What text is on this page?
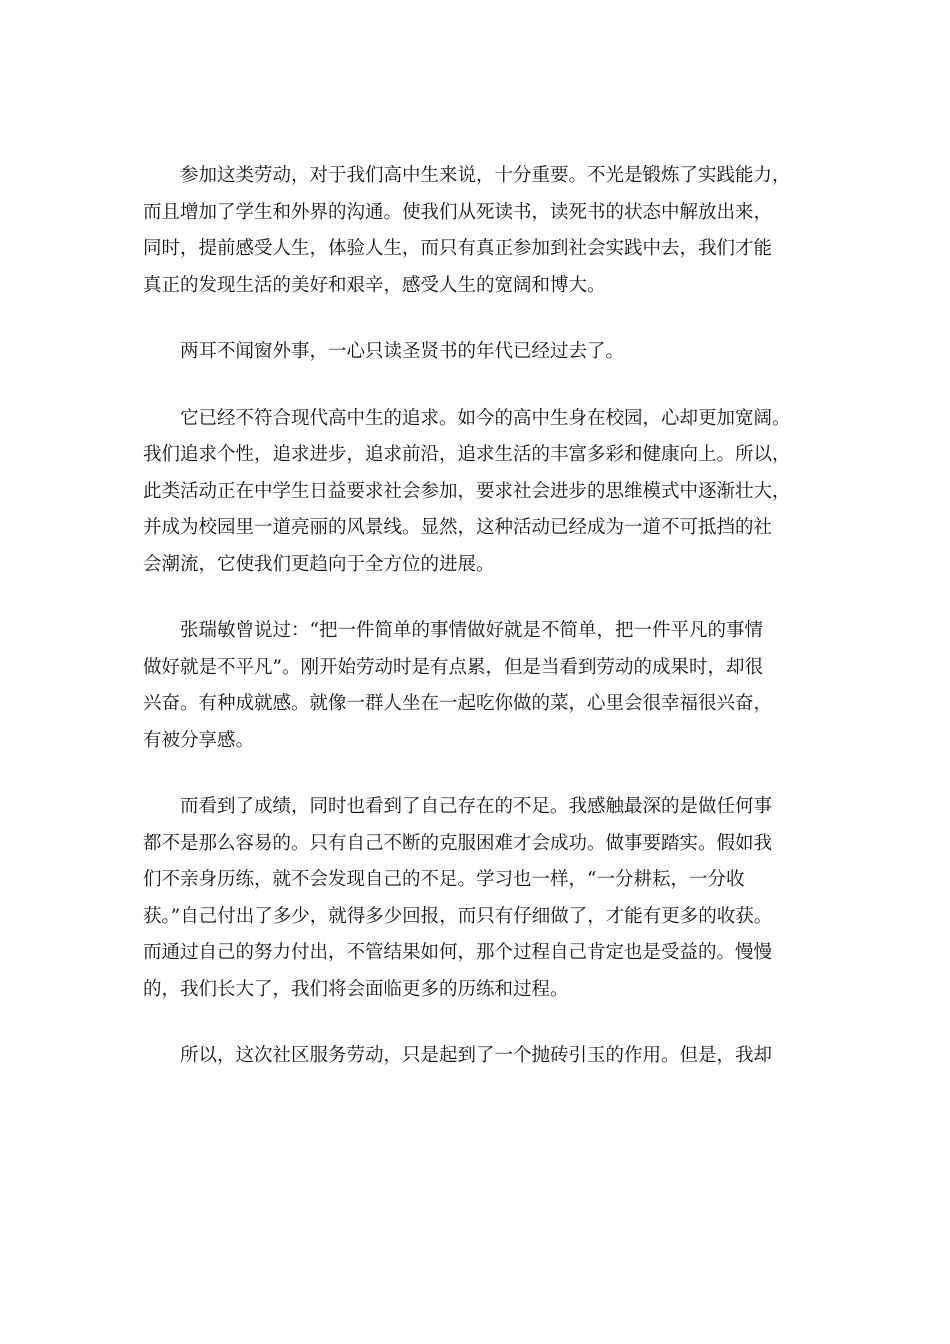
参加这类劳动，对于我们高中生来说，十分重要。不光是锻炼了实践能力，
而且增加了学生和外界的沟通。使我们从死读书，读死书的状态中解放出来，
同时，提前感受人生，体验人生，而只有真正参加到社会实践中去，我们才能
真正的发现生活的美好和艰辛，感受人生的宽阔和博大。

两耳不闻窗外事，一心只读圣贤书的年代已经过去了。

它已经不符合现代高中生的追求。如今的高中生身在校园，心却更加宽阔。
我们追求个性，追求进步，追求前沿，追求生活的丰富多彩和健康向上。所以，
此类活动正在中学生日益要求社会参加，要求社会进步的思维模式中逐渐壮大，
并成为校园里一道亮丽的风景线。显然，这种活动已经成为一道不可抵挡的社
会潮流，它使我们更趋向于全方位的进展。

张瑞敏曾说过：“把一件简单的事情做好就是不简单，把一件平凡的事情
做好就是不平凡”。刚开始劳动时是有点累，但是当看到劳动的成果时，却很
兴奋。有种成就感。就像一群人坐在一起吃你做的菜，心里会很幸福很兴奋，
有被分享感。

而看到了成绩，同时也看到了自己存在的不足。我感触最深的是做任何事
都不是那么容易的。只有自己不断的克服困难才会成功。做事要踏实。假如我
们不亲身历练，就不会发现自己的不足。学习也一样，“一分耕耘，一分收
获。”自己付出了多少，就得多少回报，而只有仔细做了，才能有更多的收获。
而通过自己的努力付出，不管结果如何，那个过程自己肯定也是受益的。慢慢
的，我们长大了，我们将会面临更多的历练和过程。

所以，这次社区服务劳动，只是起到了一个抛砖引玉的作用。但是，我却
